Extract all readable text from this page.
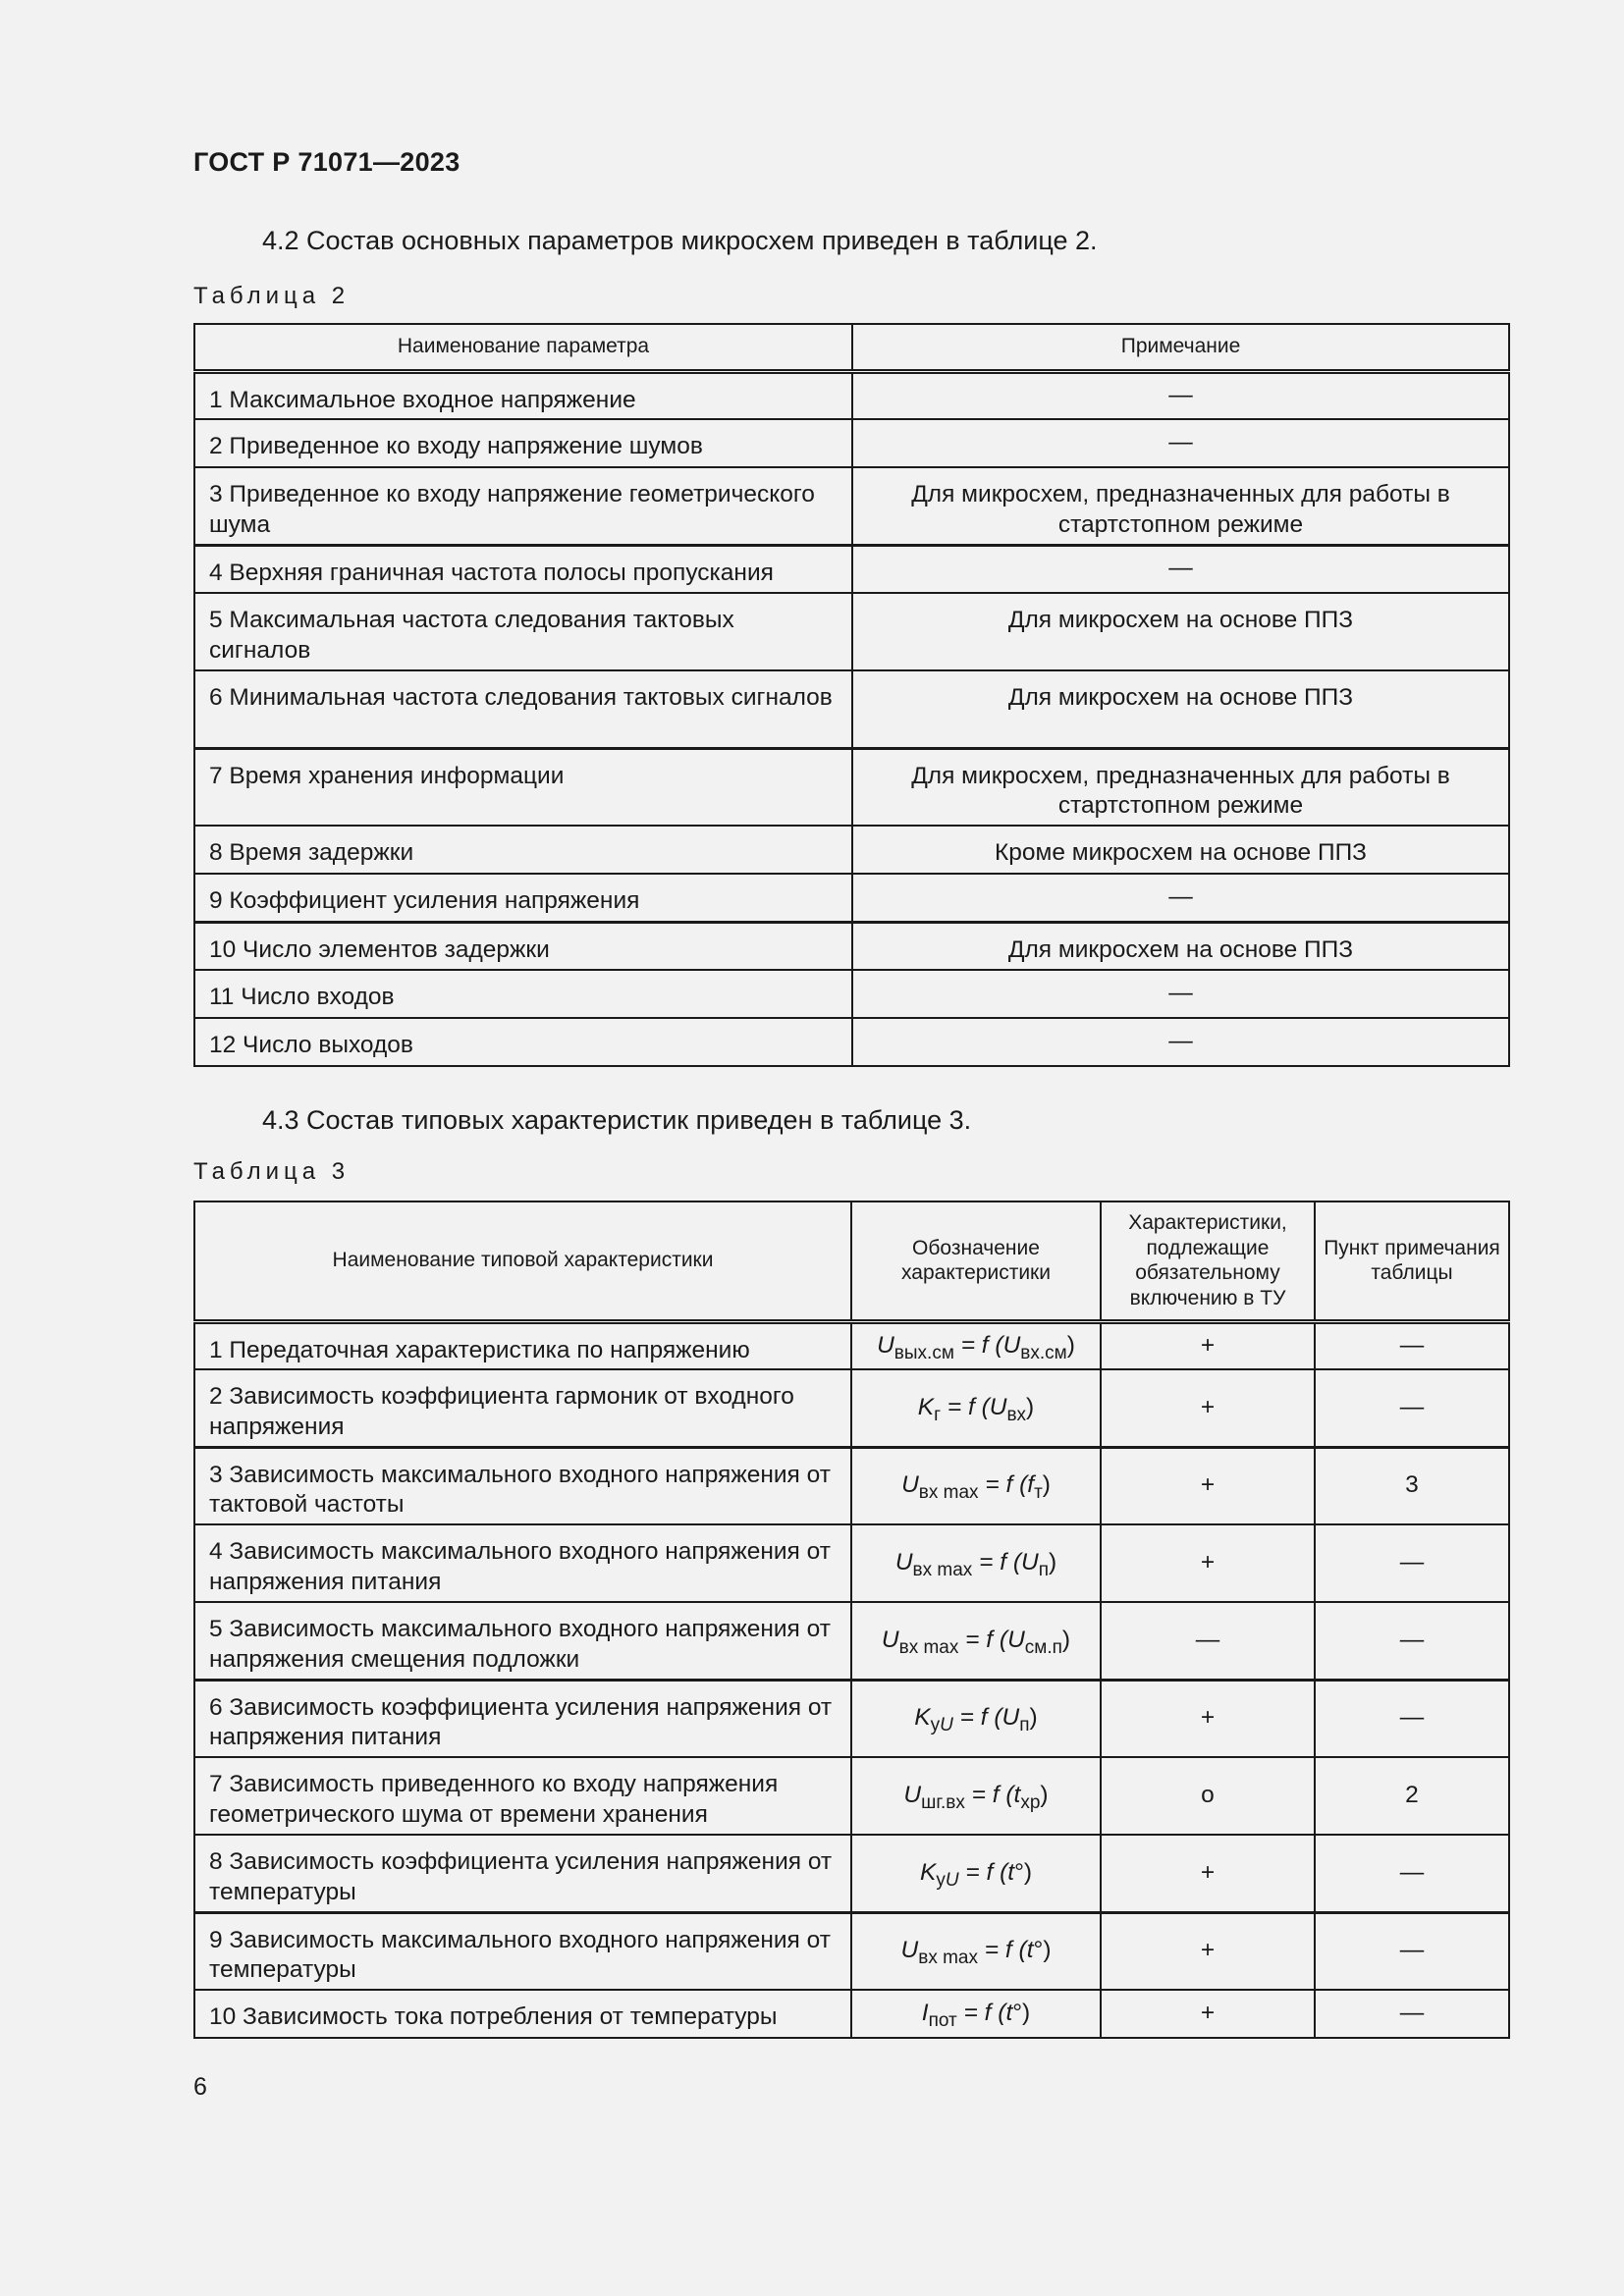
ГОСТ Р 71071—2023
4.2 Состав основных параметров микросхем приведен в таблице 2.
Таблица 2
Наименование параметра	Примечание
1 Максимальное входное напряжение	—
2 Приведенное ко входу напряжение шумов	—
3 Приведенное ко входу напряжение геометрического шума	Для микросхем, предназначенных для работы в стартстопном режиме
4 Верхняя граничная частота полосы пропускания	—
5 Максимальная частота следования тактовых сигналов	Для микросхем на основе ППЗ
6 Минимальная частота следования тактовых сигналов	Для микросхем на основе ППЗ
7 Время хранения информации	Для микросхем, предназначенных для работы в стартстопном режиме
8 Время задержки	Кроме микросхем на основе ППЗ
9 Коэффициент усиления напряжения	—
10 Число элементов задержки	Для микросхем на основе ППЗ
11 Число входов	—
12 Число выходов	—
4.3 Состав типовых характеристик приведен в таблице 3.
Таблица 3
Наименование типовой характеристики	Обозначение характеристики	Характеристики, подлежащие обязательному включению в ТУ	Пункт примечания таблицы
1 Передаточная характеристика по напряжению	$U_{вых.см} = f$ $(U_{вх.см})$	+	—
2 Зависимость коэффициента гармоник от входного напряжения	$K_г = f$ $(U_{вх})$	+	—
3 Зависимость максимального входного напряжения от тактовой частоты	$U_{вх max} = f$ $(f_т)$	+	3
4 Зависимость максимального входного напряжения от напряжения питания	$U_{вх max} = f$ $(U_п)$	+	—
5 Зависимость максимального входного напряжения от напряжения смещения подложки	$U_{вх max} = f$ $(U_{см.п})$	—	—
6 Зависимость коэффициента усиления напряжения от напряжения питания	$K_{уU} = f$ $(U_п)$	+	—
7 Зависимость приведенного ко входу напряжения геометрического шума от времени хранения	$U_{шг.вх} = f$ $(t_{хр})$	о	2
8 Зависимость коэффициента усиления напряжения от температуры	$K_{уU} = f$ (t°)	+	—
9 Зависимость максимального входного напряжения от температуры	$U_{вх max} = f$ (t°)	+	—
10 Зависимость тока потребления от температуры	$I_{пот} = f$ (t°)	+	—
6
